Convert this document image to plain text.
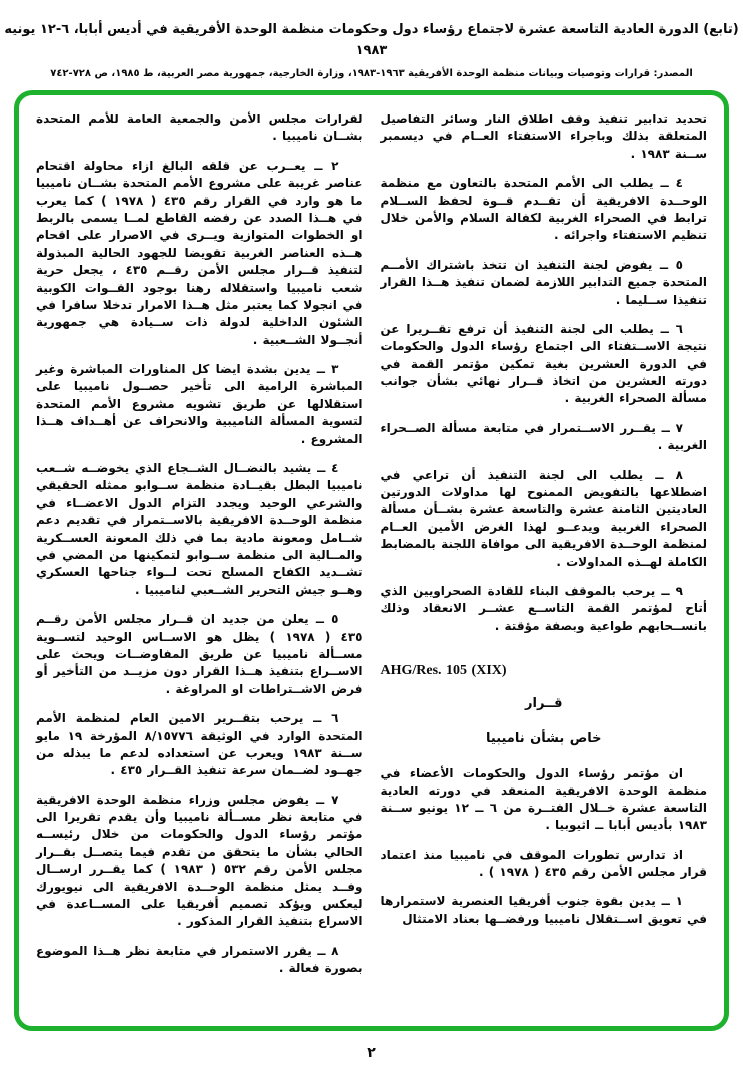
(تابع) الدورة العادية التاسعة عشرة لاجتماع رؤساء دول وحكومات منظمة الوحدة الأفريقية في أديس أبابا، ٦-١٢ يونيه ١٩٨٣
المصدر: قرارات وتوصيات وبيانات منظمة الوحدة الأفريقية ١٩٦٣-١٩٨٣، وزارة الخارجية، جمهورية مصر العربية، ط ١٩٨٥، ص ٧٢٨-٧٤٢

تحديد تدابير تنفيذ وقف اطلاق النار وسائر التفاصيل المتعلقة بذلك وباجراء الاستفتاء العــام في ديسمبر ســنة ١٩٨٣ .

٤ ــ يطلب الى الأمم المتحدة بالتعاون مع منظمة الوحــدة الافريقية أن تقــدم قــوة لحفظ الســلام ترابط في الصحراء الغربية لكفالة السلام والأمن خلال تنظيم الاستفتاء واجرائه .

٥ ــ يفوض لجنة التنفيذ ان تتخذ باشتراك الأمــم المتحدة جميع التدابير اللازمة لضمان تنفيذ هــذا القرار تنفيذا ســليما .

٦ ــ يطلب الى لجنة التنفيذ أن ترفع تقــريرا عن نتيجة الاســتفتاء الى اجتماع رؤساء الدول والحكومات في الدورة العشرين بغية تمكين مؤتمر القمة في دورته العشرين من اتخاذ قــرار نهائي بشأن جوانب مسألة الصحراء الغربية .

٧ ــ يقــرر الاســتمرار في متابعة مسألة الصــحراء الغربية .

٨ ــ يطلب الى لجنة التنفيذ أن تراعي في اضطلاعها بالتفويض الممنوح لها مداولات الدورتين العاديتين الثامنة عشرة والتاسعة عشرة بشــأن مسألة الصحراء الغربية ويدعــو لهذا الغرض الأمين العــام لمنظمة الوحــدة الافريقية الى موافاة اللجنة بالمضابط الكاملة لهــذه المداولات .

٩ ــ يرحب بالموقف البناء للقادة الصحراويين الذي أتاح لمؤتمر القمة التاســع عشــر الانعقاد وذلك بانســحابهم طواعية وبصفة مؤقتة .

AHG/Res. 105 (XIX)

قــرار

خاص بشأن ناميبيا

ان مؤتمر رؤساء الدول والحكومات الأعضاء في منظمة الوحدة الافريقية المنعقد في دورته العادية التاسعة عشرة خــلال الفتــرة من ٦ ــ ١٢ يونيو ســنة ١٩٨٣ بأديس أبابا ــ اثيوبيا .

اذ تدارس تطورات الموقف في ناميبيا منذ اعتماد قرار مجلس الأمن رقم ٤٣٥ ( ١٩٧٨ ) .

١ ــ يدين بقوة جنوب أفريقيا العنصرية لاستمرارها في تعويق اســتقلال ناميبيا ورفضــها بعناد الامتثال

لقرارات مجلس الأمن والجمعية العامة للأمم المتحدة بشــان ناميبيا .

٢ ــ يعــرب عن قلقه البالغ ازاء محاولة اقتحام عناصر غريبة على مشروع الأمم المتحدة بشــان ناميبيا ما هو وارد في القرار رقم ٤٣٥ ( ١٩٧٨ ) كما يعرب في هــذا الصدد عن رفضه القاطع لمــا يسمى بالربط او الخطوات المتوازية ويــرى في الاصرار على اقحام هــذه العناصر الغربية تقويضا للجهود الحالية المبذولة لتنفيذ قــرار مجلس الأمن رقــم ٤٣٥ ، يجعل حرية شعب ناميبيا واستقلاله رهنا بوجود القــوات الكوبية في انجولا كما يعتبر مثل هــذا الامرار تدخلا سافرا في الشئون الداخلية لدولة ذات ســيادة هي جمهورية أنجــولا الشــعبية .

٣ ــ يدين بشدة ايضا كل المناورات المباشرة وغير المباشرة الرامية الى تأخير حصــول ناميبيا على استقلالها عن طريق تشويه مشروع الأمم المتحدة لتسوية المسألة الناميبية والانحراف عن أهــداف هــذا المشروع .

٤ ــ يشيد بالنضــال الشــجاع الذي يخوضــه شــعب ناميبيا البطل بقيــادة منظمة ســوابو ممثله الحقيقي والشرعي الوحيد ويجدد التزام الدول الاعضــاء في منظمة الوحــدة الافريقية بالاســتمرار في تقديم دعم شــامل ومعونة مادية بما في ذلك المعونة العســكرية والمــالية الى منظمة ســوابو لتمكينها من المضي في تشــديد الكفاح المسلح تحت لــواء جناحها العسكري وهــو جيش التحرير الشــعبي لناميبيا .

٥ ــ يعلن من جديد ان قــرار مجلس الأمن رقــم ٤٣٥ ( ١٩٧٨ ) يظل هو الاســاس الوحيد لتســوية مســألة ناميبيا عن طريق المفاوضــات ويحث على الاســراع بتنفيذ هــذا القرار دون مزيــد من التأخير أو فرض الاشــتراطات او المراوغة .

٦ ــ يرحب بتقــرير الامين العام لمنظمة الأمم المتحدة الوارد في الوثيقة ٨/١٥٧٧٦ المؤرخة ١٩ مايو ســنة ١٩٨٣ ويعرب عن استعداده لدعم ما يبذله من جهــود لضــمان سرعة تنفيذ القــرار ٤٣٥ .

٧ ــ يفوض مجلس وزراء منظمة الوحدة الافريقية في متابعة نظر مســألة ناميبيا وأن يقدم تقريرا الى مؤتمر رؤساء الدول والحكومات من خلال رئيســه الحالي بشأن ما يتحقق من تقدم فيما يتصــل بقــرار مجلس الأمن رقم ٥٣٢ ( ١٩٨٣ ) كما يقــرر ارســال وفــد يمثل منظمة الوحــدة الافريقية الى نيويورك ليعكس ويؤكد تصميم أفريقيا على المســاعدة في الاسراع بتنفيذ القرار المذكور .

٨ ــ يقرر الاستمرار في متابعة نظر هــذا الموضوع بصورة فعالة .

٢
